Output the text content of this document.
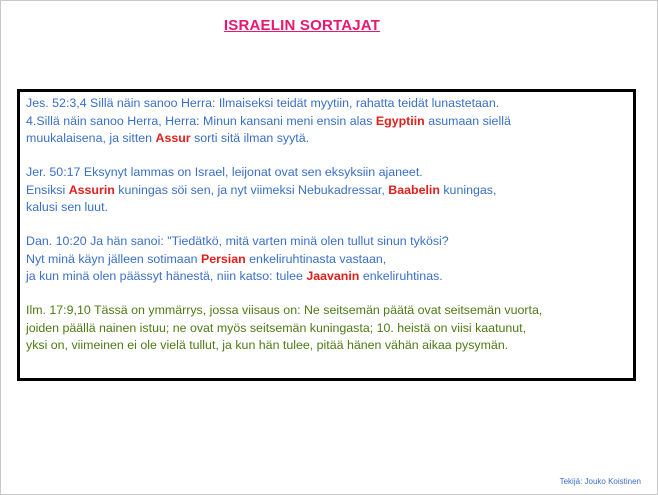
ISRAELIN SORTAJAT
Jes. 52:3,4 Sillä näin sanoo Herra: Ilmaiseksi teidät myytiin, rahatta teidät lunastetaan.
4.Sillä näin sanoo Herra, Herra: Minun kansani meni ensin alas Egyptiin asumaan siellä
muukalaisena, ja sitten Assur sorti sitä ilman syytä.
Jer. 50:17 Eksynyt lammas on Israel, leijonat ovat sen eksyksiin ajaneet.
Ensiksi Assurin kuningas söi sen, ja nyt viimeksi Nebukadressar, Baabelin kuningas,
kalusi sen luut.
Dan. 10:20 Ja hän sanoi: "Tiedätkö, mitä varten minä olen tullut sinun tykösi?
Nyt minä käyn jälleen sotimaan Persian enkeliruhtinasta vastaan,
ja kun minä olen päässyt hänestä, niin katso: tulee Jaavanin enkeliruhtinas.
Ilm. 17:9,10 Tässä on ymmärrys, jossa viisaus on: Ne seitsemän päätä ovat seitsemän vuorta,
joiden päällä nainen istuu; ne ovat myös seitsemän kuningasta; 10. heistä on viisi kaatunut,
yksi on, viimeinen ei ole vielä tullut, ja kun hän tulee, pitää hänen vähän aikaa pysymän.
Tekijä: Jouko Koistinen
